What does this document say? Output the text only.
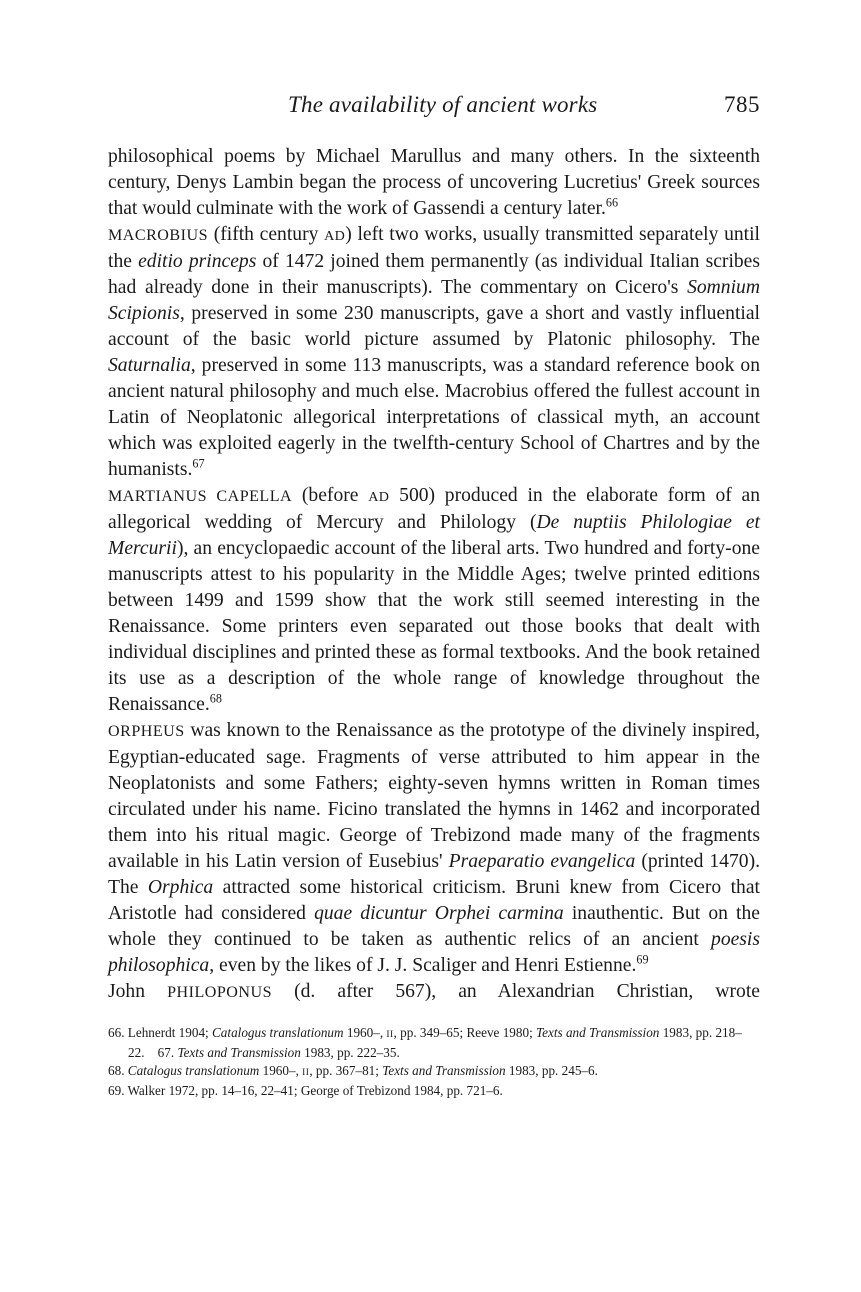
The availability of ancient works	785

philosophical poems by Michael Marullus and many others. In the sixteenth century, Denys Lambin began the process of uncovering Lucretius' Greek sources that would culminate with the work of Gassendi a century later.$^{66}$

MACROBIUS (fifth century AD) left two works, usually transmitted separately until the editio princeps of 1472 joined them permanently (as individual Italian scribes had already done in their manuscripts). The commentary on Cicero's Somnium Scipionis, preserved in some 230 manuscripts, gave a short and vastly influential account of the basic world picture assumed by Platonic philosophy. The Saturnalia, preserved in some 113 manuscripts, was a standard reference book on ancient natural philosophy and much else. Macrobius offered the fullest account in Latin of Neoplatonic allegorical interpretations of classical myth, an account which was exploited eagerly in the twelfth-century School of Chartres and by the humanists.$^{67}$

MARTIANUS CAPELLA (before AD 500) produced in the elaborate form of an allegorical wedding of Mercury and Philology (De nuptiis Philologiae et Mercurii), an encyclopaedic account of the liberal arts. Two hundred and forty-one manuscripts attest to his popularity in the Middle Ages; twelve printed editions between 1499 and 1599 show that the work still seemed interesting in the Renaissance. Some printers even separated out those books that dealt with individual disciplines and printed these as formal textbooks. And the book retained its use as a description of the whole range of knowledge throughout the Renaissance.$^{68}$

ORPHEUS was known to the Renaissance as the prototype of the divinely inspired, Egyptian-educated sage. Fragments of verse attributed to him appear in the Neoplatonists and some Fathers; eighty-seven hymns written in Roman times circulated under his name. Ficino translated the hymns in 1462 and incorporated them into his ritual magic. George of Trebizond made many of the fragments available in his Latin version of Eusebius' Praeparatio evangelica (printed 1470). The Orphica attracted some historical criticism. Bruni knew from Cicero that Aristotle had considered quae dicuntur Orphei carmina inauthentic. But on the whole they continued to be taken as authentic relics of an ancient poesis philosophica, even by the likes of J. J. Scaliger and Henri Estienne.$^{69}$

John PHILOPONUS (d. after 567), an Alexandrian Christian, wrote

66. Lehnerdt 1904; Catalogus translationum 1960–, II, pp. 349–65; Reeve 1980; Texts and Transmission 1983, pp. 218–22. 67. Texts and Transmission 1983, pp. 222–35.

68. Catalogus translationum 1960–, II, pp. 367–81; Texts and Transmission 1983, pp. 245–6.

69. Walker 1972, pp. 14–16, 22–41; George of Trebizond 1984, pp. 721–6.
